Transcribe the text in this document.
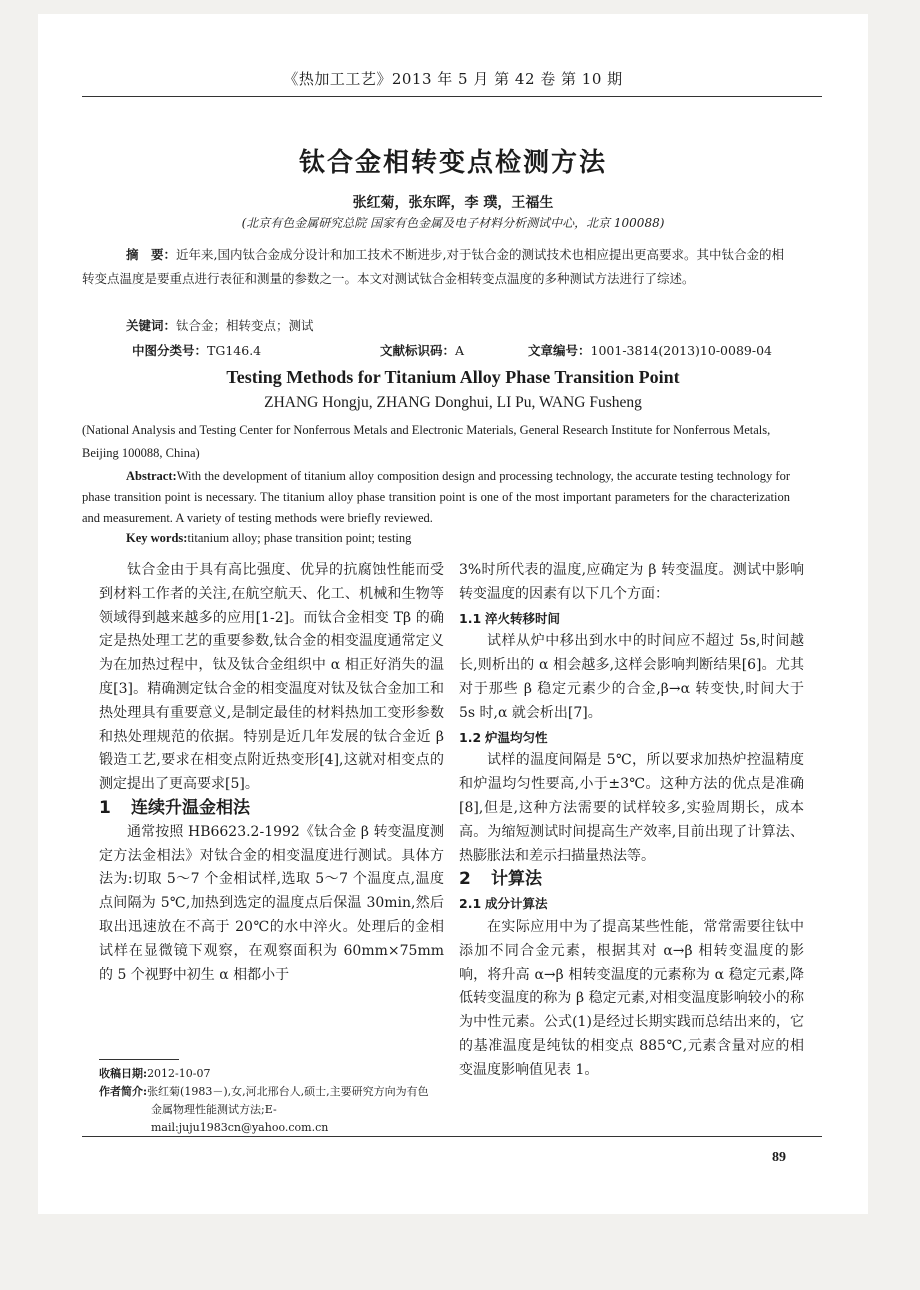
《热加工工艺》2013 年 5 月 第 42 卷 第 10 期
钛合金相转变点检测方法
张红菊，张东晖，李 璞，王福生
(北京有色金属研究总院 国家有色金属及电子材料分析测试中心，北京 100088)
摘　要：近年来,国内钛合金成分设计和加工技术不断进步,对于钛合金的测试技术也相应提出更高要求。其中钛合金的相转变点温度是要重点进行表征和测量的参数之一。本文对测试钛合金相转变点温度的多种测试方法进行了综述。
关键词：钛合金；相转变点；测试
中图分类号：TG146.4	文献标识码：A	文章编号：1001-3814(2013)10-0089-04
Testing Methods for Titanium Alloy Phase Transition Point
ZHANG Hongju, ZHANG Donghui, LI Pu, WANG Fusheng
(National Analysis and Testing Center for Nonferrous Metals and Electronic Materials, General Research Institute for Nonferrous Metals, Beijing 100088, China)
Abstract:With the development of titanium alloy composition design and processing technology, the accurate testing technology for phase transition point is necessary. The titanium alloy phase transition point is one of the most important parameters for the characterization and measurement. A variety of testing methods were briefly reviewed.
Key words:titanium alloy; phase transition point; testing

钛合金由于具有高比强度、优异的抗腐蚀性能而受到材料工作者的关注,在航空航天、化工、机械和生物等领域得到越来越多的应用[1-2]。而钛合金相变 Tβ 的确定是热处理工艺的重要参数,钛合金的相变温度通常定义为在加热过程中，钛及钛合金组织中 α 相正好消失的温度[3]。精确测定钛合金的相变温度对钛及钛合金加工和热处理具有重要意义,是制定最佳的材料热加工变形参数和热处理规范的依据。特别是近几年发展的钛合金近 β 锻造工艺,要求在相变点附近热变形[4],这就对相变点的测定提出了更高要求[5]。

1 连续升温金相法

通常按照 HB6623.2-1992《钛合金 β 转变温度测定方法金相法》对钛合金的相变温度进行测试。具体方法为:切取 5～7 个金相试样,选取 5～7 个温度点,温度点间隔为 5℃,加热到选定的温度点后保温 30min,然后取出迅速放在不高于 20℃的水中淬火。处理后的金相试样在显微镜下观察，在观察面积为 60mm×75mm 的 5 个视野中初生 α 相都小于

3%时所代表的温度,应确定为 β 转变温度。测试中影响转变温度的因素有以下几个方面：

1.1 淬火转移时间

试样从炉中移出到水中的时间应不超过 5s,时间越长,则析出的 α 相会越多,这样会影响判断结果[6]。尤其对于那些 β 稳定元素少的合金,β→α 转变快,时间大于 5s 时,α 就会析出[7]。

1.2 炉温均匀性

试样的温度间隔是 5℃，所以要求加热炉控温精度和炉温均匀性要高,小于±3℃。这种方法的优点是准确[8],但是,这种方法需要的试样较多,实验周期长，成本高。为缩短测试时间提高生产效率,目前出现了计算法、热膨胀法和差示扫描量热法等。

2 计算法

2.1 成分计算法

在实际应用中为了提高某些性能，常常需要往钛中添加不同合金元素，根据其对 α→β 相转变温度的影响，将升高 α→β 相转变温度的元素称为 α 稳定元素,降低转变温度的称为 β 稳定元素,对相变温度影响较小的称为中性元素。公式(1)是经过长期实践而总结出来的，它的基准温度是纯钛的相变点 885℃,元素含量对应的相变温度影响值见表 1。

收稿日期:2012-10-07
作者简介:张红菊(1983－),女,河北邢台人,硕士,主要研究方向为有色
金属物理性能测试方法;E-mail:juju1983cn@yahoo.com.cn
89
